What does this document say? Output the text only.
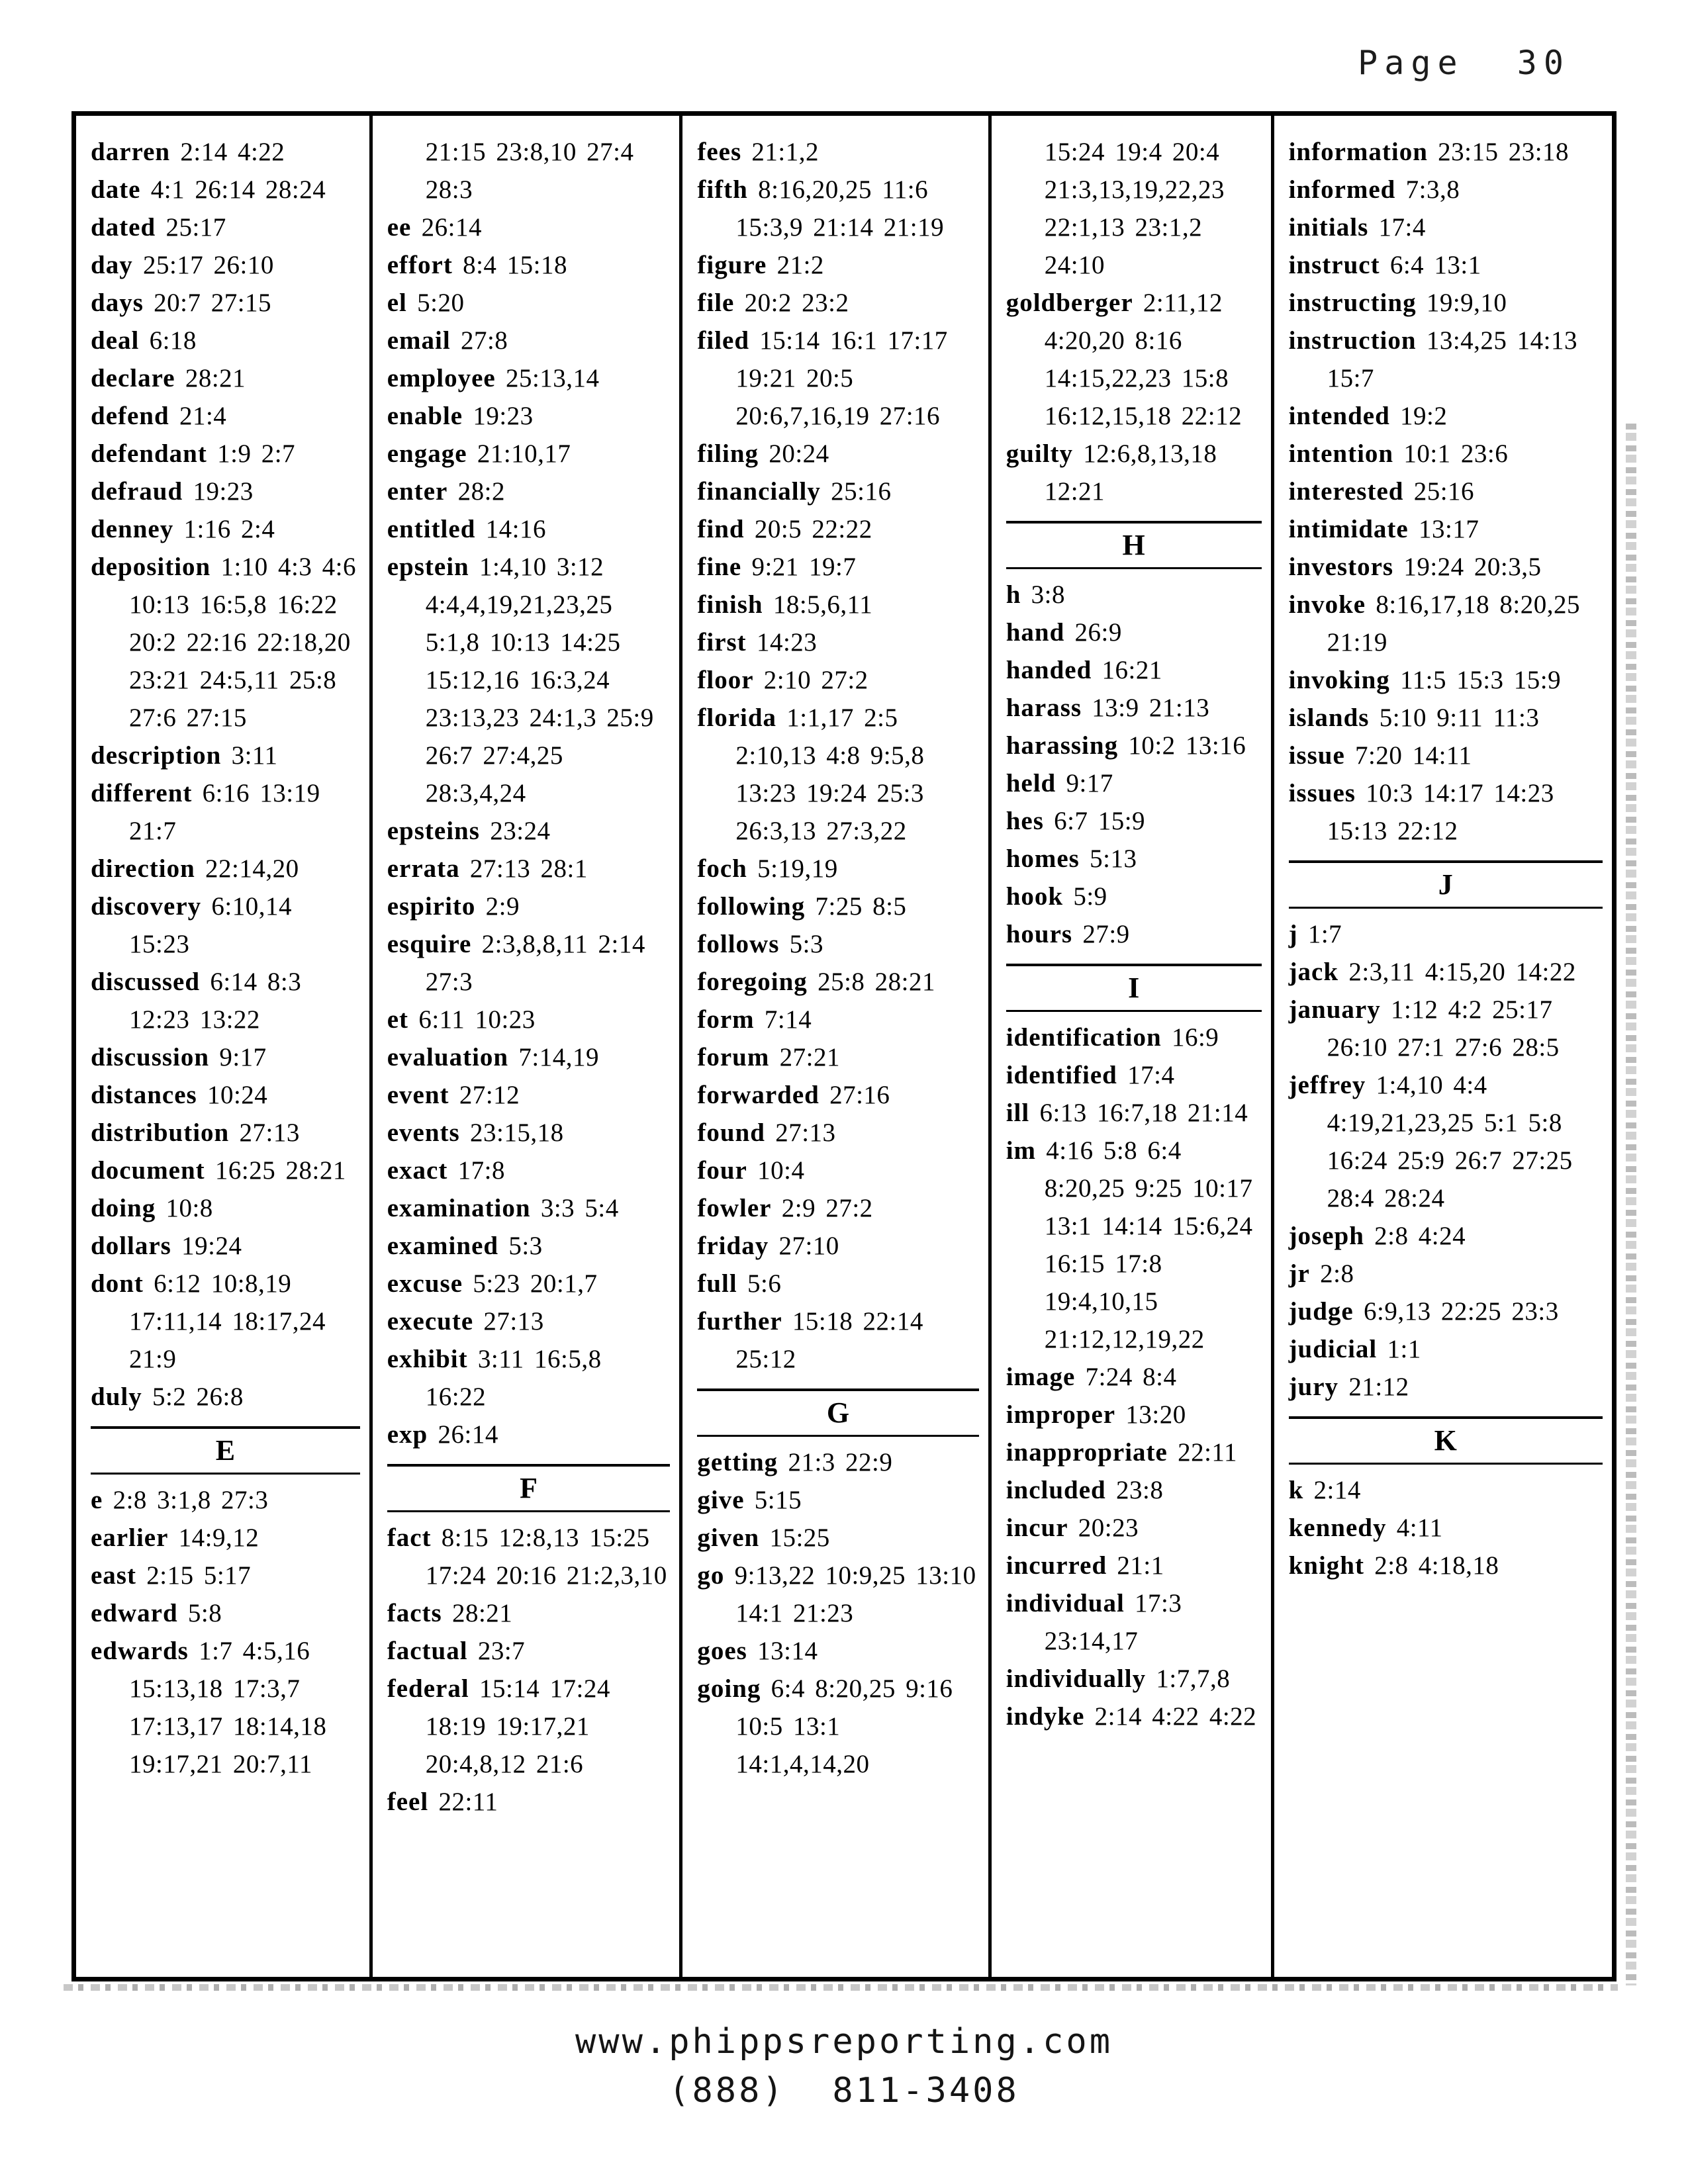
Page  30
darren 2:14 4:22
date 4:1 26:14 28:24
dated 25:17
day 25:17 26:10
days 20:7 27:15
deal 6:18
declare 28:21
defend 21:4
defendant 1:9 2:7
defraud 19:23
denney 1:16 2:4
deposition 1:10 4:3 4:6 10:13 16:5,8 16:22 20:2 22:16 22:18,20 23:21 24:5,11 25:8 27:6 27:15
description 3:11
different 6:16 13:19 21:7
direction 22:14,20
discovery 6:10,14 15:23
discussed 6:14 8:3 12:23 13:22
discussion 9:17
distances 10:24
distribution 27:13
document 16:25 28:21
doing 10:8
dollars 19:24
dont 6:12 10:8,19 17:11,14 18:17,24 21:9
duly 5:2 26:8
E
e 2:8 3:1,8 27:3
earlier 14:9,12
east 2:15 5:17
edward 5:8
edwards 1:7 4:5,16 15:13,18 17:3,7 17:13,17 18:14,18 19:17,21 20:7,11
21:15 23:8,10 27:4 28:3
ee 26:14
effort 8:4 15:18
el 5:20
email 27:8
employee 25:13,14
enable 19:23
engage 21:10,17
enter 28:2
entitled 14:16
epstein 1:4,10 3:12 4:4,4,19,21,23,25 5:1,8 10:13 14:25 15:12,16 16:3,24 23:13,23 24:1,3 25:9 26:7 27:4,25 28:3,4,24
epsteins 23:24
errata 27:13 28:1
espirito 2:9
esquire 2:3,8,8,11 2:14 27:3
et 6:11 10:23
evaluation 7:14,19
event 27:12
events 23:15,18
exact 17:8
examination 3:3 5:4
examined 5:3
excuse 5:23 20:1,7
execute 27:13
exhibit 3:11 16:5,8 16:22
exp 26:14
F
fact 8:15 12:8,13 15:25 17:24 20:16 21:2,3,10
facts 28:21
factual 23:7
federal 15:14 17:24 18:19 19:17,21 20:4,8,12 21:6
feel 22:11
fees 21:1,2
fifth 8:16,20,25 11:6 15:3,9 21:14 21:19
figure 21:2
file 20:2 23:2
filed 15:14 16:1 17:17 19:21 20:5 20:6,7,16,19 27:16
filing 20:24
financially 25:16
find 20:5 22:22
fine 9:21 19:7
finish 18:5,6,11
first 14:23
floor 2:10 27:2
florida 1:1,17 2:5 2:10,13 4:8 9:5,8 13:23 19:24 25:3 26:3,13 27:3,22
foch 5:19,19
following 7:25 8:5
follows 5:3
foregoing 25:8 28:21
form 7:14
forum 27:21
forwarded 27:16
found 27:13
four 10:4
fowler 2:9 27:2
friday 27:10
full 5:6
further 15:18 22:14 25:12
G
getting 21:3 22:9
give 5:15
given 15:25
go 9:13,22 10:9,25 13:10 14:1 21:23
goes 13:14
going 6:4 8:20,25 9:16 10:5 13:1 14:1,4,14,20
15:24 19:4 20:4 21:3,13,19,22,23 22:1,13 23:1,2 24:10
goldberger 2:11,12 4:20,20 8:16 14:15,22,23 15:8 16:12,15,18 22:12
guilty 12:6,8,13,18 12:21
H
h 3:8
hand 26:9
handed 16:21
harass 13:9 21:13
harassing 10:2 13:16
held 9:17
hes 6:7 15:9
homes 5:13
hook 5:9
hours 27:9
I
identification 16:9
identified 17:4
ill 6:13 16:7,18 21:14
im 4:16 5:8 6:4 8:20,25 9:25 10:17 13:1 14:14 15:6,24 16:15 17:8 19:4,10,15 21:12,12,19,22
image 7:24 8:4
improper 13:20
inappropriate 22:11
included 23:8
incur 20:23
incurred 21:1
individual 17:3 23:14,17
individually 1:7,7,8
indyke 2:14 4:22 4:22
information 23:15 23:18
informed 7:3,8
initials 17:4
instruct 6:4 13:1
instructing 19:9,10
instruction 13:4,25 14:13 15:7
intended 19:2
intention 10:1 23:6
interested 25:16
intimidate 13:17
investors 19:24 20:3,5
invoke 8:16,17,18 8:20,25 21:19
invoking 11:5 15:3 15:9
islands 5:10 9:11 11:3
issue 7:20 14:11
issues 10:3 14:17 14:23 15:13 22:12
J
j 1:7
jack 2:3,11 4:15,20 14:22
january 1:12 4:2 25:17 26:10 27:1 27:6 28:5
jeffrey 1:4,10 4:4 4:19,21,23,25 5:1 5:8 16:24 25:9 26:7 27:25 28:4 28:24
joseph 2:8 4:24
jr 2:8
judge 6:9,13 22:25 23:3
judicial 1:1
jury 21:12
K
k 2:14
kennedy 4:11
knight 2:8 4:18,18
www.phippsreporting.com
(888)  811-3408
